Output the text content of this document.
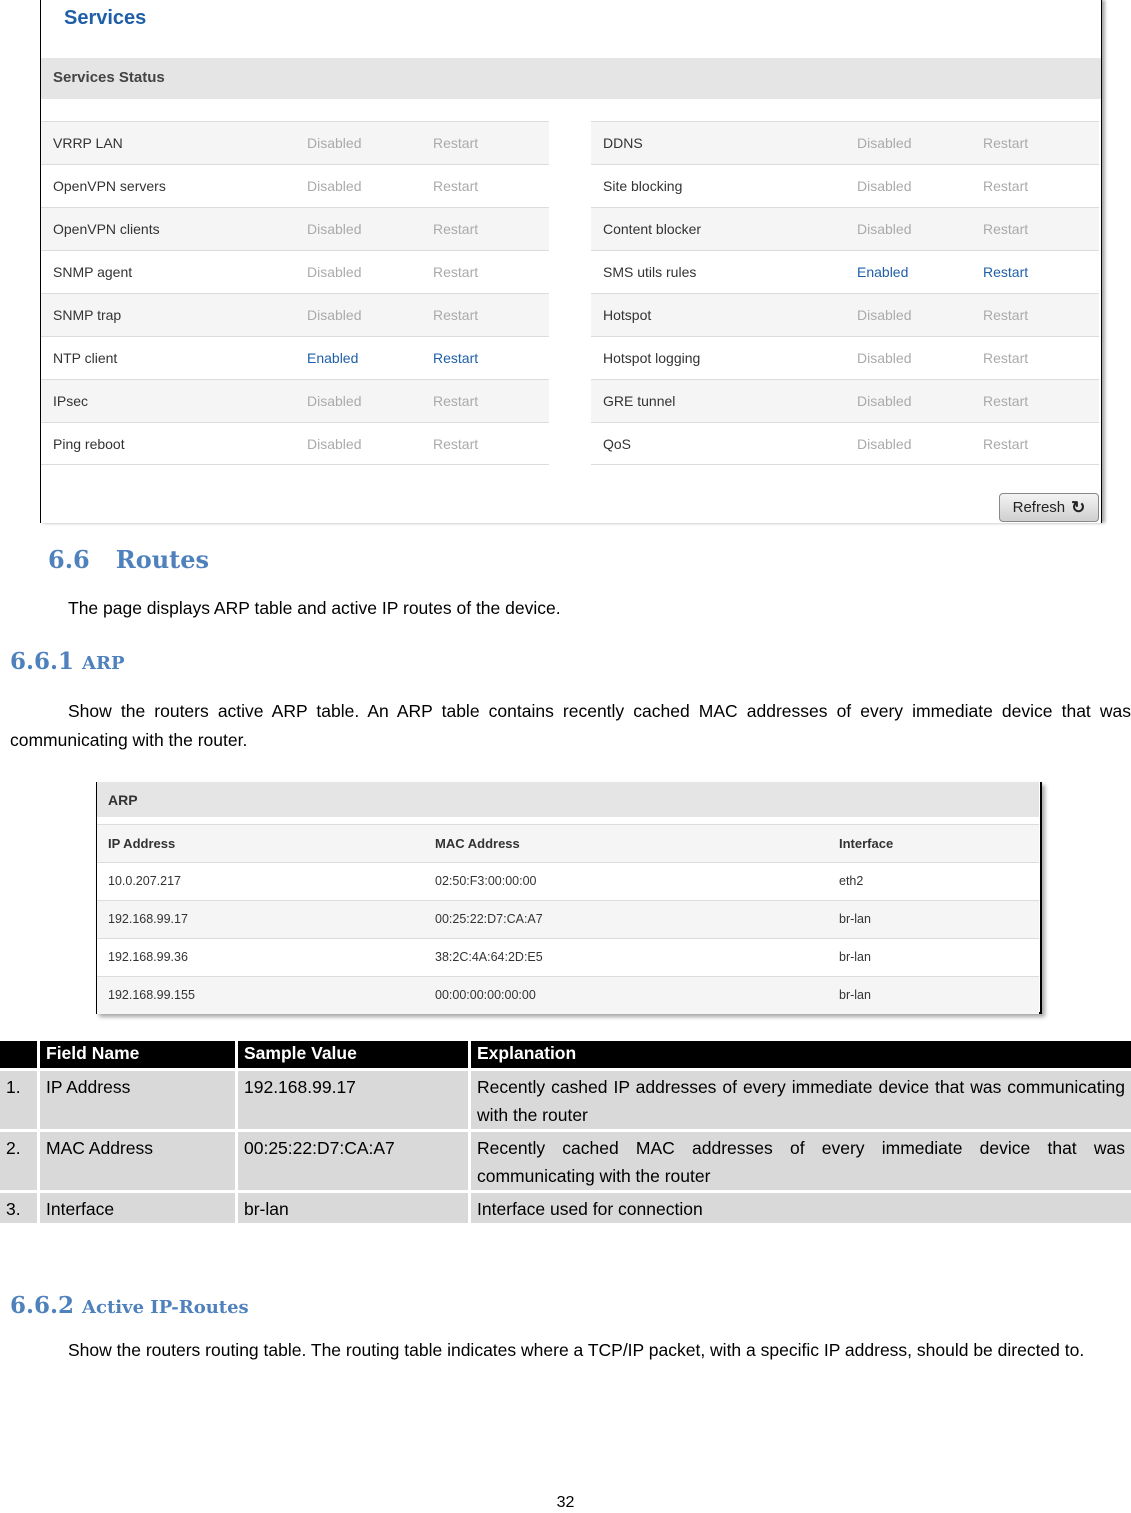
Services
Services Status
VRRP LAN	Disabled	Restart
OpenVPN servers	Disabled	Restart
OpenVPN clients	Disabled	Restart
SNMP agent	Disabled	Restart
SNMP trap	Disabled	Restart
NTP client	Enabled	Restart
IPsec	Disabled	Restart
Ping reboot	Disabled	Restart
DDNS	Disabled	Restart
Site blocking	Disabled	Restart
Content blocker	Disabled	Restart
SMS utils rules	Enabled	Restart
Hotspot	Disabled	Restart
Hotspot logging	Disabled	Restart
GRE tunnel	Disabled	Restart
QoS	Disabled	Restart
Refresh ↻
6.6 Routes
The page displays ARP table and active IP routes of the device.
6.6.1 ARP
Show the routers active ARP table. An ARP table contains recently cached MAC addresses of every immediate device that was communicating with the router.
ARP
IP Address	MAC Address	Interface
10.0.207.217	02:50:F3:00:00:00	eth2
192.168.99.17	00:25:22:D7:CA:A7	br-lan
192.168.99.36	38:2C:4A:64:2D:E5	br-lan
192.168.99.155	00:00:00:00:00:00	br-lan
Field Name	Sample Value	Explanation
1.	IP Address	192.168.99.17	Recently cashed IP addresses of every immediate device that was communicating with the router
2.	MAC Address	00:25:22:D7:CA:A7	Recently cached MAC addresses of every immediate device that was communicating with the router
3.	Interface	br-lan	Interface used for connection
6.6.2 Active IP-Routes
Show the routers routing table. The routing table indicates where a TCP/IP packet, with a specific IP address, should be directed to.
32
